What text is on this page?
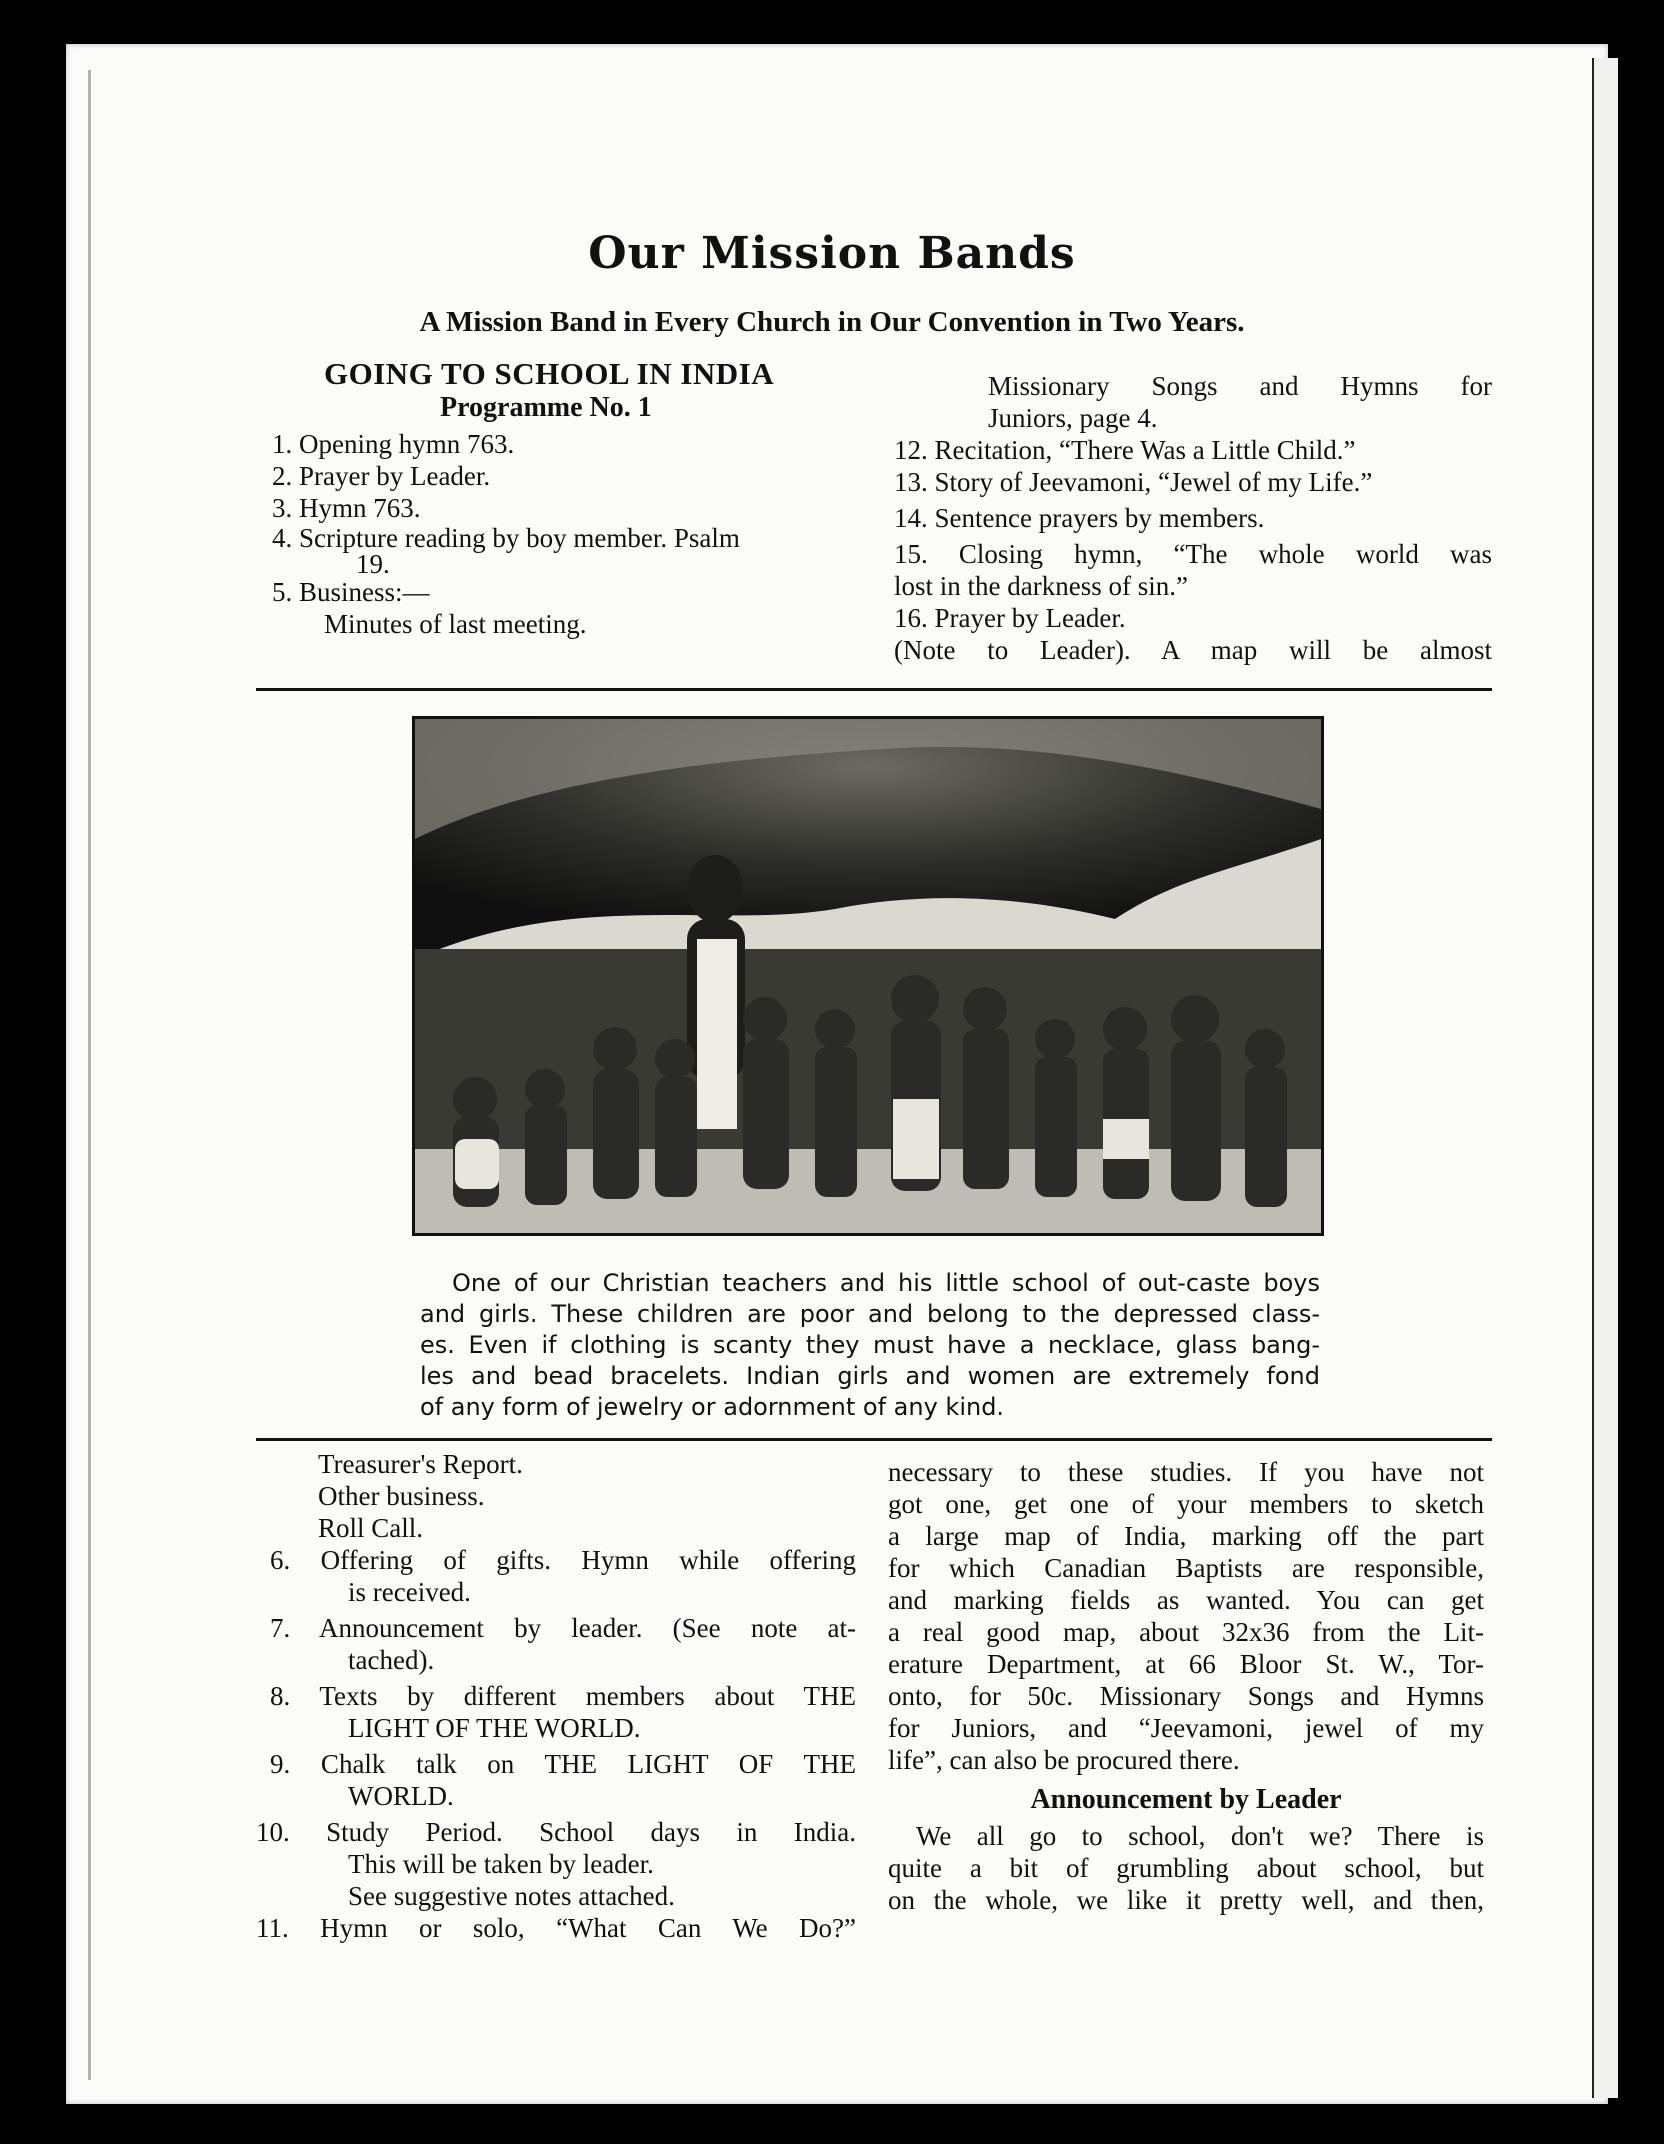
Our Mission Bands
A Mission Band in Every Church in Our Convention in Two Years.
GOING TO SCHOOL IN INDIA
Programme No. 1
1. Opening hymn 763.
2. Prayer by Leader.
3. Hymn 763.
4. Scripture reading by boy member. Psalm
19.
5. Business:—
Minutes of last meeting.
Missionary Songs and Hymns for
Juniors, page 4.
12. Recitation, “There Was a Little Child.”
13. Story of Jeevamoni, “Jewel of my Life.”
14. Sentence prayers by members.
15. Closing hymn, “The whole world was
lost in the darkness of sin.”
16. Prayer by Leader.
(Note to Leader). A map will be almost
One of our Christian teachers and his little school of out-caste boys
and girls. These children are poor and belong to the depressed class-
es. Even if clothing is scanty they must have a necklace, glass bang-
les and bead bracelets. Indian girls and women are extremely fond
of any form of jewelry or adornment of any kind.
Treasurer's Report.
Other business.
Roll Call.
6. Offering of gifts. Hymn while offering
is received.
7. Announcement by leader. (See note at-
tached).
8. Texts by different members about THE
LIGHT OF THE WORLD.
9. Chalk talk on THE LIGHT OF THE
WORLD.
10. Study Period. School days in India.
This will be taken by leader.
See suggestive notes attached.
11. Hymn or solo, “What Can We Do?”
necessary to these studies. If you have not
got one, get one of your members to sketch
a large map of India, marking off the part
for which Canadian Baptists are responsible,
and marking fields as wanted. You can get
a real good map, about 32x36 from the Lit-
erature Department, at 66 Bloor St. W., Tor-
onto, for 50c. Missionary Songs and Hymns
for Juniors, and “Jeevamoni, jewel of my
life”, can also be procured there.
Announcement by Leader
We all go to school, don't we? There is
quite a bit of grumbling about school, but
on the whole, we like it pretty well, and then,
